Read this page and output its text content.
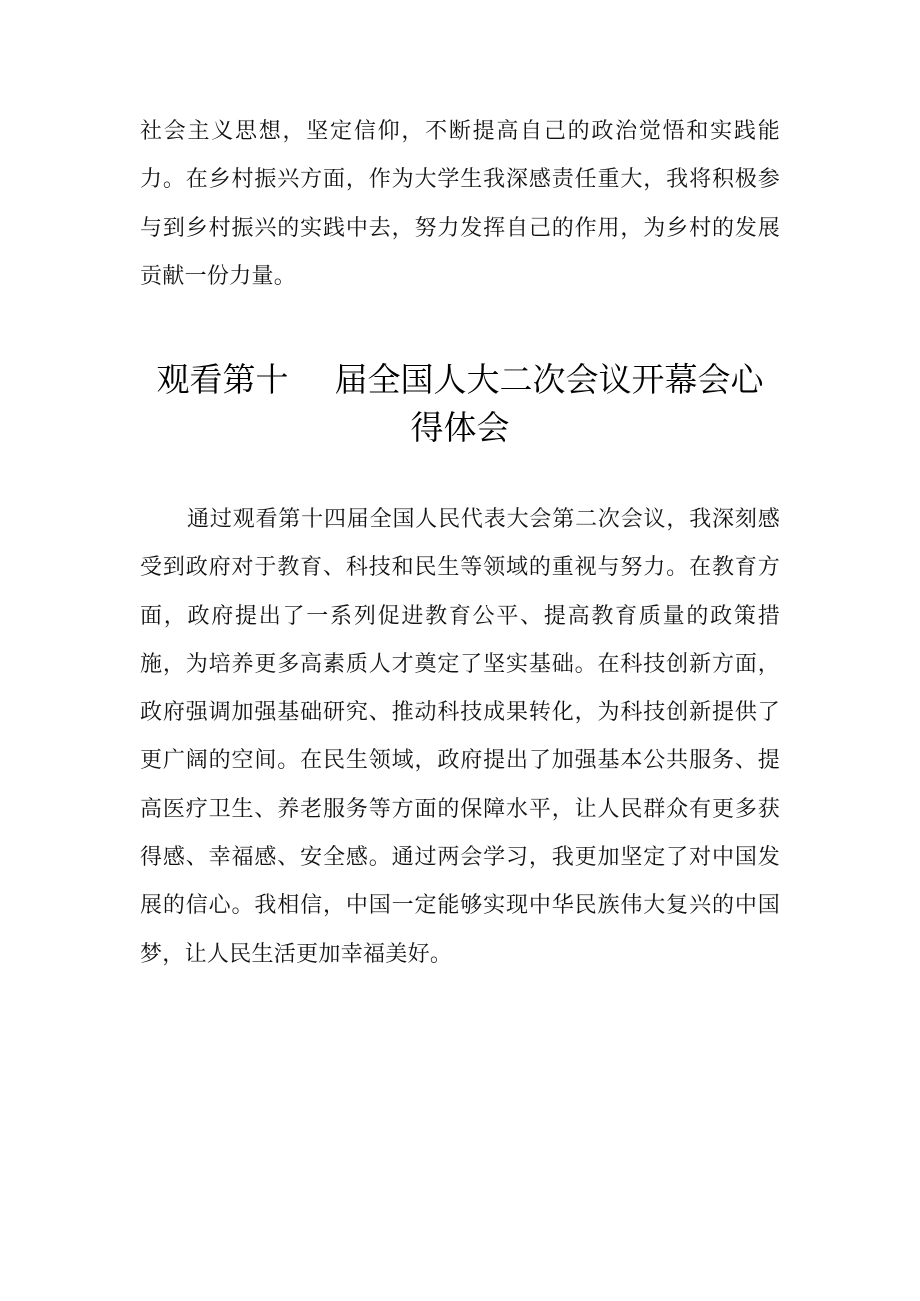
社会主义思想，坚定信仰，不断提高自己的政治觉悟和实践能力。在乡村振兴方面，作为大学生我深感责任重大，我将积极参与到乡村振兴的实践中去，努力发挥自己的作用，为乡村的发展贡献一份力量。

观看第十 届全国人大二次会议开幕会心
得体会

通过观看第十四届全国人民代表大会第二次会议，我深刻感受到政府对于教育、科技和民生等领域的重视与努力。在教育方面，政府提出了一系列促进教育公平、提高教育质量的政策措施，为培养更多高素质人才奠定了坚实基础。在科技创新方面，政府强调加强基础研究、推动科技成果转化，为科技创新提供了更广阔的空间。在民生领域，政府提出了加强基本公共服务、提高医疗卫生、养老服务等方面的保障水平，让人民群众有更多获得感、幸福感、安全感。通过两会学习，我更加坚定了对中国发展的信心。我相信，中国一定能够实现中华民族伟大复兴的中国梦，让人民生活更加幸福美好。
